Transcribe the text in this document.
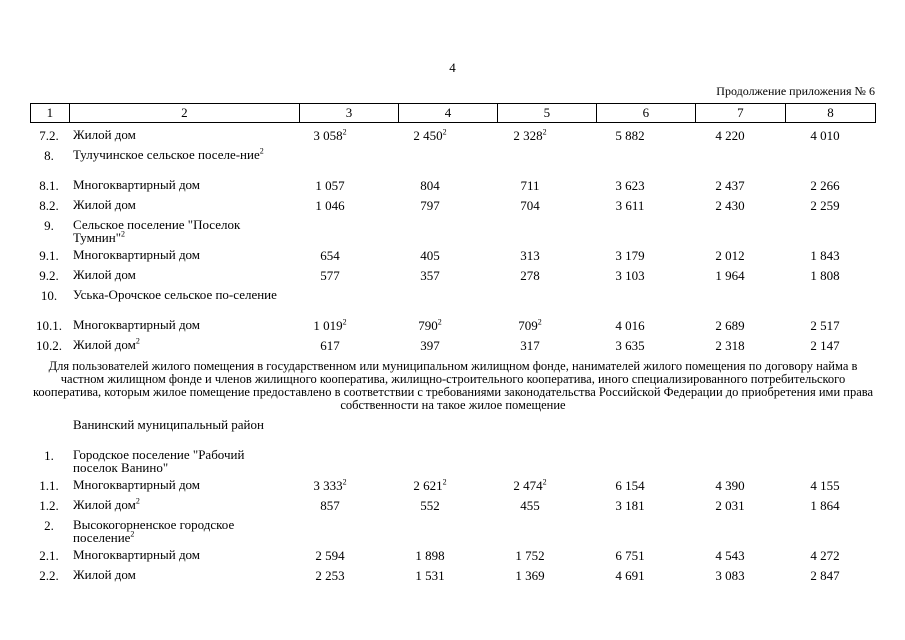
4
Продолжение приложения № 6
1	2	3	4	5	6	7	8
7.2.	Жилой дом	3 $058^2$	2 $450^2$	2 $328^2$	5 882	4 220	4 010
8.	Тулучинское сельское поселе-ние$^2$
8.1.	Многоквартирный дом	1 057	804	711	3 623	2 437	2 266
8.2.	Жилой дом	1 046	797	704	3 611	2 430	2 259
9.	Сельское поселение "Поселок Тумнин"$^2$
9.1.	Многоквартирный дом	654	405	313	3 179	2 012	1 843
9.2.	Жилой дом	577	357	278	3 103	1 964	1 808
10.	Уська-Орочское сельское по-селение
10.1. Многоквартирный дом	1 $019^2$	$790^2$	$709^2$	4 016	2 689	2 517
10.2. Жилой дом$^2$	617	397	317	3 635	2 318	2 147
Для пользователей жилого помещения в государственном или муниципальном жилищном фонде, нанимателей жилого помещения по договору найма в частном жилищном фонде и членов жилищного кооператива, жилищно-строительного кооператива, иного специализированного потребительского кооператива, которым жилое помещение предоставлено в соответствии с требованиями законодательства Российской Федерации до приобретения ими права собственности на такое жилое помещение
Ванинский муниципальный район
1.	Городское поселение "Рабочий поселок Ванино"
1.1.	Многоквартирный дом	3 $333^2$	2 $621^2$	2 $474^2$	6 154	4 390	4 155
1.2.	Жилой дом$^2$	857	552	455	3 181	2 031	1 864
2.	Высокогорненское городское поселение$^2$
2.1.	Многоквартирный дом	2 594	1 898	1 752	6 751	4 543	4 272
2.2.	Жилой дом	2 253	1 531	1 369	4 691	3 083	2 847
